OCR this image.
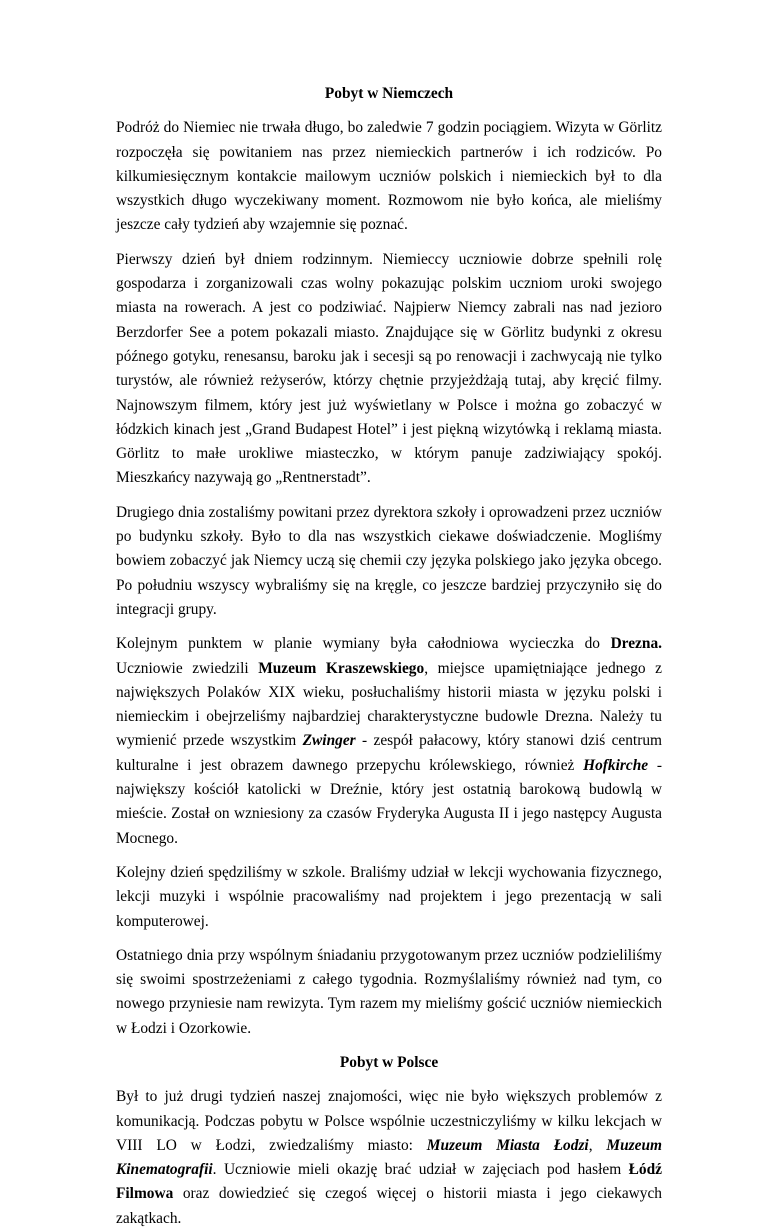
Pobyt w Niemczech

Podróż do Niemiec nie trwała długo, bo zaledwie 7 godzin pociągiem. Wizyta w Görlitz rozpoczęła się powitaniem nas przez niemieckich partnerów i ich rodziców. Po kilkumiesięcznym kontakcie mailowym uczniów polskich i niemieckich był to dla wszystkich długo wyczekiwany moment. Rozmowom nie było końca, ale mieliśmy jeszcze cały tydzień aby wzajemnie się poznać.

Pierwszy dzień był dniem rodzinnym. Niemieccy uczniowie dobrze spełnili rolę gospodarza i zorganizowali czas wolny pokazując polskim uczniom uroki swojego miasta na rowerach. A jest co podziwiać. Najpierw Niemcy zabrali nas nad jezioro Berzdorfer See a potem pokazali miasto. Znajdujące się w Görlitz budynki z okresu późnego gotyku, renesansu, baroku jak i secesji są po renowacji i zachwycają nie tylko turystów, ale również reżyserów, którzy chętnie przyjeżdżają tutaj, aby kręcić filmy. Najnowszym filmem, który jest już wyświetlany w Polsce i można go zobaczyć w łódzkich kinach jest „Grand Budapest Hotel” i jest piękną wizytówką i reklamą miasta. Görlitz to małe urokliwe miasteczko, w którym panuje zadziwiający spokój. Mieszkańcy nazywają go „Rentnerstadt”.

Drugiego dnia zostaliśmy powitani przez dyrektora szkoły i oprowadzeni przez uczniów po budynku szkoły. Było to dla nas wszystkich ciekawe doświadczenie. Mogliśmy bowiem zobaczyć jak Niemcy uczą się chemii czy języka polskiego jako języka obcego. Po południu wszyscy wybraliśmy się na kręgle, co jeszcze bardziej przyczyniło się do integracji grupy.

Kolejnym punktem w planie wymiany była całodniowa wycieczka do Drezna. Uczniowie zwiedzili Muzeum Kraszewskiego, miejsce upamiętniające jednego z największych Polaków XIX wieku, posłuchaliśmy historii miasta w języku polski i niemieckim i obejrzeliśmy najbardziej charakterystyczne budowle Drezna. Należy tu wymienić przede wszystkim Zwinger - zespół pałacowy, który stanowi dziś centrum kulturalne i jest obrazem dawnego przepychu królewskiego, również Hofkirche - największy kościół katolicki w Dreźnie, który jest ostatnią barokową budowlą w mieście. Został on wzniesiony za czasów Fryderyka Augusta II i jego następcy Augusta Mocnego.

Kolejny dzień spędziliśmy w szkole. Braliśmy udział w lekcji wychowania fizycznego, lekcji muzyki i wspólnie pracowaliśmy nad projektem i jego prezentacją w sali komputerowej.

Ostatniego dnia przy wspólnym śniadaniu przygotowanym przez uczniów podzieliliśmy się swoimi spostrzeżeniami z całego tygodnia. Rozmyślaliśmy również nad tym, co nowego przyniesie nam rewizyta. Tym razem my mieliśmy gościć uczniów niemieckich w Łodzi i Ozorkowie.

Pobyt w Polsce

Był to już drugi tydzień naszej znajomości, więc nie było większych problemów z komunikacją. Podczas pobytu w Polsce wspólnie uczestniczyliśmy w kilku lekcjach w VIII LO w Łodzi, zwiedzaliśmy miasto: Muzeum Miasta Łodzi, Muzeum Kinematografii. Uczniowie mieli okazję brać udział w zajęciach pod hasłem Łódź Filmowa oraz dowiedzieć się czegoś więcej o historii miasta i jego ciekawych zakątkach.
